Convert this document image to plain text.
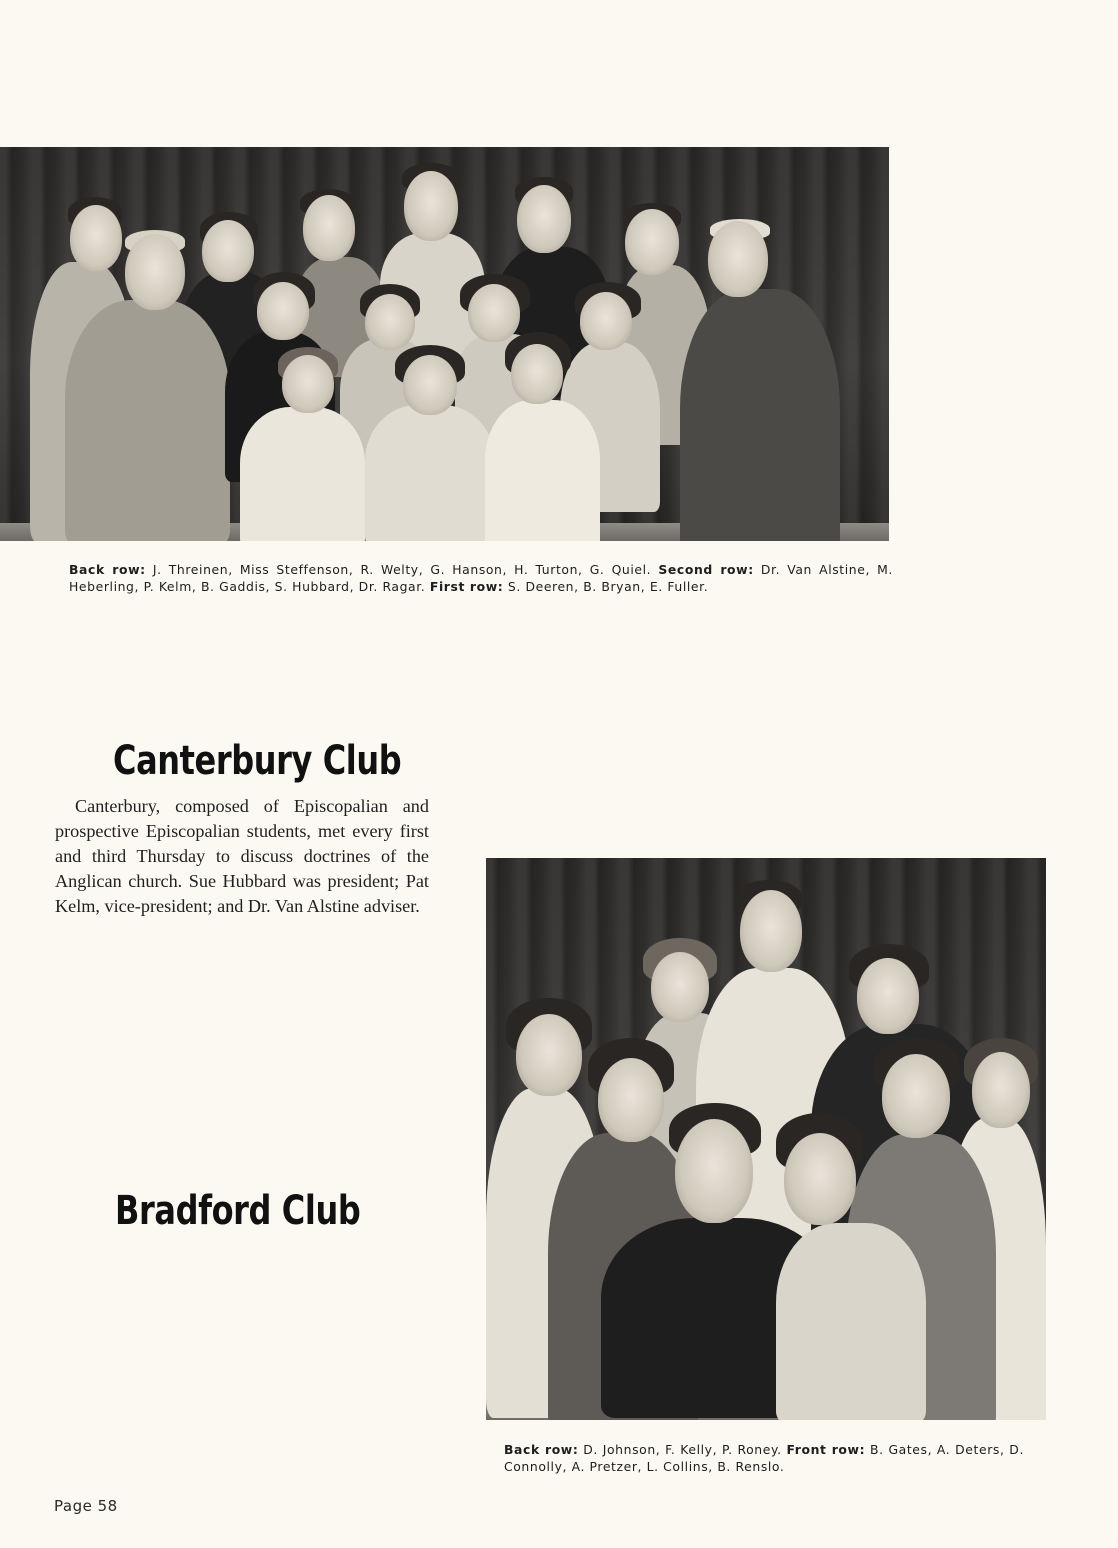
Back row: J. Threinen, Miss Steffenson, R. Welty, G. Hanson, H. Turton, G. Quiel. Second row: Dr. Van Alstine, M. Heberling, P. Kelm, B. Gaddis, S. Hubbard, Dr. Ragar. First row: S. Deeren, B. Bryan, E. Fuller.
Canterbury Club
Canterbury, composed of Episcopalian and prospective Episcopalian students, met every first and third Thursday to discuss doctrines of the Anglican church. Sue Hubbard was president; Pat Kelm, vice-president; and Dr. Van Alstine adviser.
Bradford Club
Back row: D. Johnson, F. Kelly, P. Roney. Front row: B. Gates, A. Deters, D. Connolly, A. Pretzer, L. Collins, B. Renslo.
Page 58
